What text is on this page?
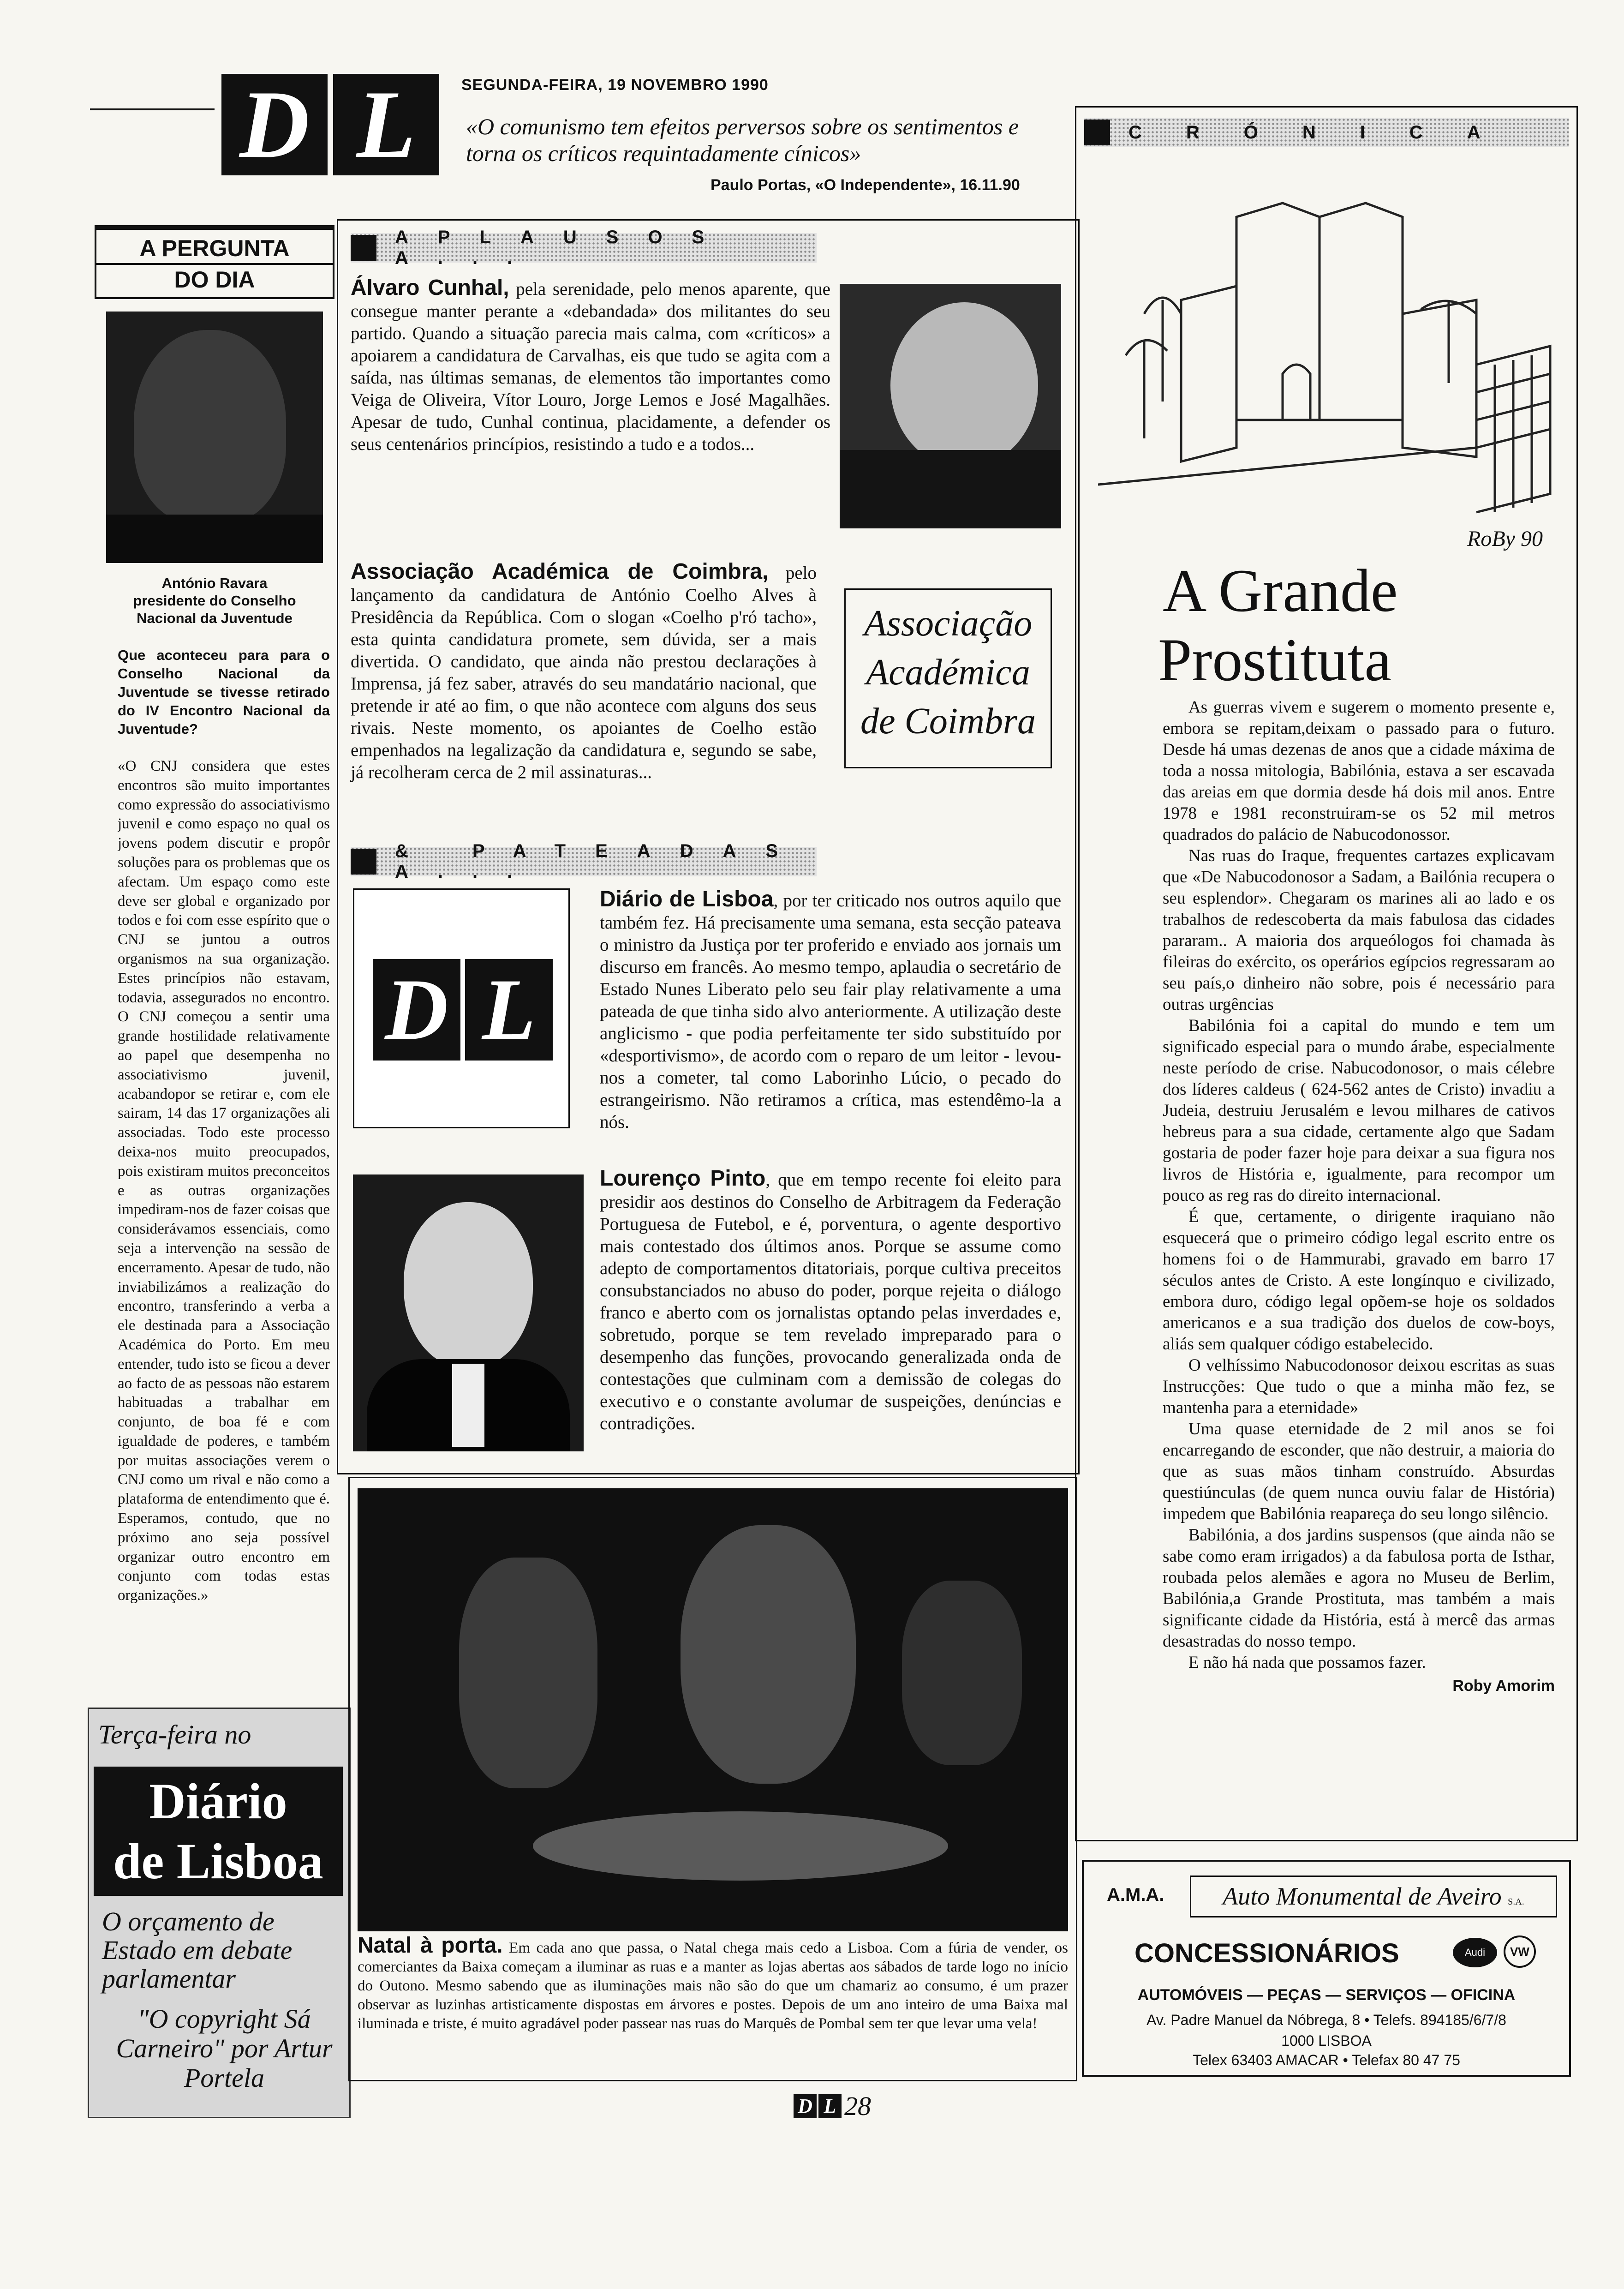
D L	SEGUNDA-FEIRA, 19 NOVEMBRO 1990
«O comunismo tem efeitos perversos sobre os sentimentos e torna os críticos requintadamente cínicos»
Paulo Portas, «O Independente», 16.11.90
A PERGUNTA
DO DIA
António Ravara
presidente do Conselho Nacional da Juventude
Que aconteceu para para o Conselho Nacional da Juventude se tivesse retirado do IV Encontro Nacional da Juventude?
«O CNJ considera que estes encontros são muito importantes como expressão do associativismo juvenil e como espaço no qual os jovens podem discutir e propôr soluções para os problemas que os afectam. Um espaço como este deve ser global e organizado por todos e foi com esse espírito que o CNJ se juntou a outros organismos na sua organização. Estes princípios não estavam, todavia, assegurados no encontro. O CNJ começou a sentir uma grande hostilidade relativamente ao papel que desempenha no associativismo juvenil, acabandopor se retirar e, com ele sairam, 14 das 17 organizações ali associadas. Todo este processo deixa-nos muito preocupados, pois existiram muitos preconceitos e as outras organizações impediram-nos de fazer coisas que considerávamos essenciais, como seja a intervenção na sessão de encerramento. Apesar de tudo, não inviabilizámos a realização do encontro, transferindo a verba a ele destinada para a Associação Académica do Porto. Em meu entender, tudo isto se ficou a dever ao facto de as pessoas não estarem habituadas a trabalhar em conjunto, de boa fé e com igualdade de poderes, e também por muitas associações verem o CNJ como um rival e não como a plataforma de entendimento que é. Esperamos, contudo, que no próximo ano seja possível organizar outro encontro em conjunto com todas estas organizações.»
Terça-feira no
Diário
de Lisboa
O orçamento de Estado em debate parlamentar
"O copyright Sá Carneiro" por Artur Portela
APLAUSOS A...

Álvaro Cunhal, pela serenidade, pelo menos aparente, que consegue manter perante a «debandada» dos militantes do seu partido. Quando a situação parecia mais calma, com «críticos» a apoiarem a candidatura de Carvalhas, eis que tudo se agita com a saída, nas últimas semanas, de elementos tão importantes como Veiga de Oliveira, Vítor Louro, Jorge Lemos e José Magalhães. Apesar de tudo, Cunhal continua, placidamente, a defender os seus centenários princípios, resistindo a tudo e a todos...

Associação Académica de Coimbra, pelo lançamento da candidatura de António Coelho Alves à Presidência da República. Com o slogan «Coelho p'ró tacho», esta quinta candidatura promete, sem dúvida, ser a mais divertida. O candidato, que ainda não prestou declarações à Imprensa, já fez saber, através do seu mandatário nacional, que pretende ir até ao fim, o que não acontece com alguns dos seus rivais. Neste momento, os apoiantes de Coelho estão empenhados na legalização da candidatura e, segundo se sabe, já recolheram cerca de 2 mil assinaturas...

Associação
Académica
de Coimbra
& PATEADAS A...
D L

Diário de Lisboa, por ter criticado nos outros aquilo que também fez. Há precisamente uma semana, esta secção pateava o ministro da Justiça por ter proferido e enviado aos jornais um discurso em francês. Ao mesmo tempo, aplaudia o secretário de Estado Nunes Liberato pelo seu fair play relativamente a uma pateada de que tinha sido alvo anteriormente. A utilização deste anglicismo - que podia perfeitamente ter sido substituído por «desportivismo», de acordo com o reparo de um leitor - levou-nos a cometer, tal como Laborinho Lúcio, o pecado do estrangeirismo. Não retiramos a crítica, mas estendêmo-la a nós.

Lourenço Pinto, que em tempo recente foi eleito para presidir aos destinos do Conselho de Arbitragem da Federação Portuguesa de Futebol, e é, porventura, o agente desportivo mais contestado dos últimos anos. Porque se assume como adepto de comportamentos ditatoriais, porque cultiva preceitos consubstanciados no abuso do poder, porque rejeita o diálogo franco e aberto com os jornalistas optando pelas inverdades e, sobretudo, porque se tem revelado impreparado para o desempenho das funções, provocando generalizada onda de contestações que culminam com a demissão de colegas do executivo e o constante avolumar de suspeições, denúncias e contradições.

Natal à porta. Em cada ano que passa, o Natal chega mais cedo a Lisboa. Com a fúria de vender, os comerciantes da Baixa começam a iluminar as ruas e a manter as lojas abertas aos sábados de tarde logo no início do Outono. Mesmo sabendo que as iluminações mais não são do que um chamariz ao consumo, é um prazer observar as luzinhas artisticamente dispostas em árvores e postes. Depois de um ano inteiro de uma Baixa mal iluminada e triste, é muito agradável poder passear nas ruas do Marquês de Pombal sem ter que levar uma vela!

CRÓNICA
RoBy 90
A Grande
Prostituta

As guerras vivem e sugerem o momento presente e, embora se repitam,deixam o passado para o futuro. Desde há umas dezenas de anos que a cidade máxima de toda a nossa mitologia, Babilónia, estava a ser escavada das areias em que dormia desde há dois mil anos. Entre 1978 e 1981 reconstruiram-se os 52 mil metros quadrados do palácio de Nabucodonossor.

Nas ruas do Iraque, frequentes cartazes explicavam que «De Nabucodonosor a Sadam, a Bailónia recupera o seu esplendor». Chegaram os marines ali ao lado e os trabalhos de redescoberta da mais fabulosa das cidades pararam.. A maioria dos arqueólogos foi chamada às fileiras do exército, os operários egípcios regressaram ao seu país,o dinheiro não sobre, pois é necessário para outras urgências

Babilónia foi a capital do mundo e tem um significado especial para o mundo árabe, especialmente neste período de crise. Nabucodonosor, o mais célebre dos líderes caldeus ( 624-562 antes de Cristo) invadiu a Judeia, destruiu Jerusalém e levou milhares de cativos hebreus para a sua cidade, certamente algo que Sadam gostaria de poder fazer hoje para deixar a sua figura nos livros de História e, igualmente, para recompor um pouco as reg ras do direito internacional.

É que, certamente, o dirigente iraquiano não esquecerá que o primeiro código legal escrito entre os homens foi o de Hammurabi, gravado em barro 17 séculos antes de Cristo. A este longínquo e civilizado, embora duro, código legal opõem-se hoje os soldados americanos e a sua tradição dos duelos de cow-boys, aliás sem qualquer código estabelecido.

O velhíssimo Nabucodonosor deixou escritas as suas Instrucções: Que tudo o que a minha mão fez, se mantenha para a eternidade»

Uma quase eternidade de 2 mil anos se foi encarregando de esconder, que não destruir, a maioria do que as suas mãos tinham construído. Absurdas questiúnculas (de quem nunca ouviu falar de História) impedem que Babilónia reapareça do seu longo silêncio.

Babilónia, a dos jardins suspensos (que ainda não se sabe como eram irrigados) a da fabulosa porta de Isthar, roubada pelos alemães e agora no Museu de Berlim, Babilónia,a Grande Prostituta, mas também a mais significante cidade da História, está à mercê das armas desastradas do nosso tempo.

E não há nada que possamos fazer.

Roby Amorim
A.M.A.	Auto Monumental de Aveiro S.A.
CONCESSIONÁRIOS	Audi	VW
AUTOMÓVEIS — PEÇAS — SERVIÇOS — OFICINA
Av. Padre Manuel da Nóbrega, 8 • Telefs. 894185/6/7/8
1000 LISBOA
Telex 63403 AMACAR • Telefax 80 47 75
D L 28
